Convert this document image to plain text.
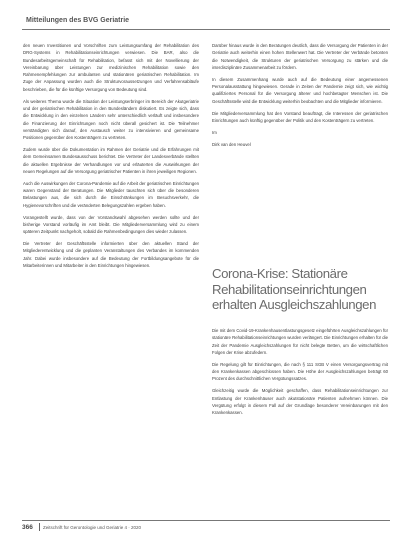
Mitteilungen des BVG Geriatrie

den neuen Investitionen und Vorschriften zum Leistungsumfang der Rehabilitation des DRG-Systems in Rehabilitationseinrichtungen verwiesen. Die BAR, also die Bundesarbeitsgemeinschaft für Rehabilitation, befasst sich mit der Novellierung der Vereinbarung über Leistungen zur medizinischen Rehabilitation sowie den Rahmenempfehlungen zur ambulanten und stationären geriatrischen Rehabilitation. Im Zuge der Anpassung wurden auch die Strukturvoraussetzungen und Verfahrensabläufe beschrieben, die für die künftige Versorgung von Bedeutung sind.

Als weiteres Thema wurde die Situation der Leistungserbringer im Bereich der Akutgeriatrie und der geriatrischen Rehabilitation in den Bundesländern diskutiert. Es zeigte sich, dass die Entwicklung in den einzelnen Ländern sehr unterschiedlich verläuft und insbesondere die Finanzierung der Einrichtungen noch nicht überall gesichert ist. Die Teilnehmer verständigten sich darauf, den Austausch weiter zu intensivieren und gemeinsame Positionen gegenüber den Kostenträgern zu vertreten.

Zudem wurde über die Dokumentation im Rahmen der Geriatrie und die Erfahrungen mit dem Gemeinsamen Bundesausschuss berichtet. Die Vertreter der Landesverbände stellten die aktuellen Ergebnisse der Verhandlungen vor und erläuterten die Auswirkungen der neuen Regelungen auf die Versorgung geriatrischer Patienten in ihren jeweiligen Regionen.

Auch die Auswirkungen der Corona-Pandemie auf die Arbeit der geriatrischen Einrichtungen waren Gegenstand der Beratungen. Die Mitglieder tauschten sich über die besonderen Belastungen aus, die sich durch die Einschränkungen im Besuchsverkehr, die Hygienevorschriften und die veränderten Belegungszahlen ergeben haben.

Vorangestellt wurde, dass von der Vorstandswahl abgesehen werden sollte und der bisherige Vorstand vorläufig im Amt bleibt. Die Mitgliederversammlung wird zu einem späteren Zeitpunkt nachgeholt, sobald die Rahmenbedingungen dies wieder zulassen.

Die Vertreter der Geschäftsstelle informierten über den aktuellen Stand der Mitgliederentwicklung und die geplanten Veranstaltungen des Verbandes im kommenden Jahr. Dabei wurde insbesondere auf die Bedeutung der Fortbildungsangebote für die Mitarbeiterinnen und Mitarbeiter in den Einrichtungen hingewiesen.

Darüber hinaus wurde in den Beratungen deutlich, dass die Versorgung der Patienten in der Geriatrie auch weiterhin einen hohen Stellenwert hat. Die Vertreter der Verbände betonten die Notwendigkeit, die Strukturen der geriatrischen Versorgung zu stärken und die interdisziplinäre Zusammenarbeit zu fördern.

In diesem Zusammenhang wurde auch auf die Bedeutung einer angemessenen Personalausstattung hingewiesen. Gerade in Zeiten der Pandemie zeigt sich, wie wichtig qualifiziertes Personal für die Versorgung älterer und hochbetagter Menschen ist. Die Geschäftsstelle wird die Entwicklung weiterhin beobachten und die Mitglieder informieren.

Die Mitgliederversammlung hat den Vorstand beauftragt, die Interessen der geriatrischen Einrichtungen auch künftig gegenüber der Politik und den Kostenträgern zu vertreten.

Im

Dirk van den Heuvel

Corona-Krise: Stationäre Rehabilitationseinrichtungen erhalten Ausgleichszahlungen

Die mit dem Covid-19-Krankenhausentlastungsgesetz eingeführten Ausgleichszahlungen für stationäre Rehabilitationseinrichtungen wurden verlängert. Die Einrichtungen erhalten für die Zeit der Pandemie Ausgleichszahlungen für nicht belegte Betten, um die wirtschaftlichen Folgen der Krise abzufedern.

Die Regelung gilt für Einrichtungen, die nach § 111 SGB V einen Versorgungsvertrag mit den Krankenkassen abgeschlossen haben. Die Höhe der Ausgleichszahlungen beträgt 60 Prozent des durchschnittlichen Vergütungssatzes.

Gleichzeitig wurde die Möglichkeit geschaffen, dass Rehabilitationseinrichtungen zur Entlastung der Krankenhäuser auch akutstationäre Patienten aufnehmen können. Die Vergütung erfolgt in diesem Fall auf der Grundlage besonderer Vereinbarungen mit den Krankenkassen.

366 Zeitschrift für Gerontologie und Geriatrie 4 · 2020
